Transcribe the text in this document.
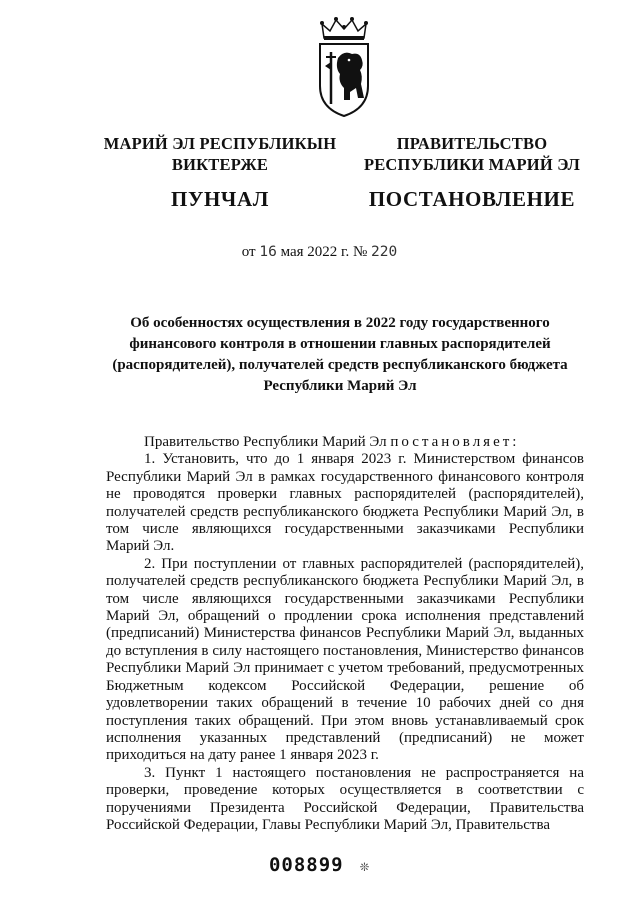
МАРИЙ ЭЛ РЕСПУБЛИКЫН
ВИКТЕРЖЕ
ПУНЧАЛ
ПРАВИТЕЛЬСТВО
РЕСПУБЛИКИ МАРИЙ ЭЛ
ПОСТАНОВЛЕНИЕ
от 16 мая 2022 г. № 220
Об особенностях осуществления в 2022 году государственного финансового контроля в отношении главных распорядителей (распорядителей), получателей средств республиканского бюджета Республики Марий Эл

Правительство Республики Марий Эл постановляет:

1. Установить, что до 1 января 2023 г. Министерством финансов Республики Марий Эл в рамках государственного финансового контроля не проводятся проверки главных распорядителей (распорядителей), получателей средств республиканского бюджета Республики Марий Эл, в том числе являющихся государственными заказчиками Республики Марий Эл.

2. При поступлении от главных распорядителей (распорядителей), получателей средств республиканского бюджета Республики Марий Эл, в том числе являющихся государственными заказчиками Республики Марий Эл, обращений о продлении срока исполнения представлений (предписаний) Министерства финансов Республики Марий Эл, выданных до вступления в силу настоящего постановления, Министерство финансов Республики Марий Эл принимает с учетом требований, предусмотренных Бюджетным кодексом Российской Федерации, решение об удовлетворении таких обращений в течение 10 рабочих дней со дня поступления таких обращений. При этом вновь устанавливаемый срок исполнения указанных представлений (предписаний) не может приходиться на дату ранее 1 января 2023 г.

3. Пункт 1 настоящего постановления не распространяется на проверки, проведение которых осуществляется в соответствии с поручениями Президента Российской Федерации, Правительства Российской Федерации, Главы Республики Марий Эл, Правительства

008899 ❊
